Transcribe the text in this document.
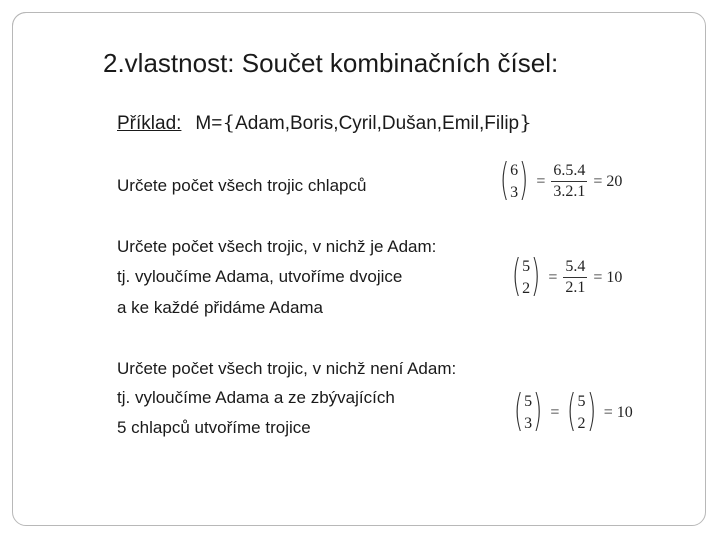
2.vlastnost: Součet kombinačních čísel:
Příklad: M={Adam,Boris,Cyril,Dušan,Emil,Filip}
Určete počet všech trojic chlapců	( 6
3 ) = $\frac{6.5.4}{3.2.1} = 20$
Určete počet všech trojic, v nichž je Adam:
tj. vyloučíme Adama, utvoříme dvojice
a ke každé přidáme Adama
( 5
2 ) = $\frac{5.4}{2.1} = 10$
Určete počet všech trojic, v nichž není Adam:
tj. vyloučíme Adama a ze zbývajících
5 chlapců utvoříme trojice	( 5
3 ) = ( 5
2 ) = 10
